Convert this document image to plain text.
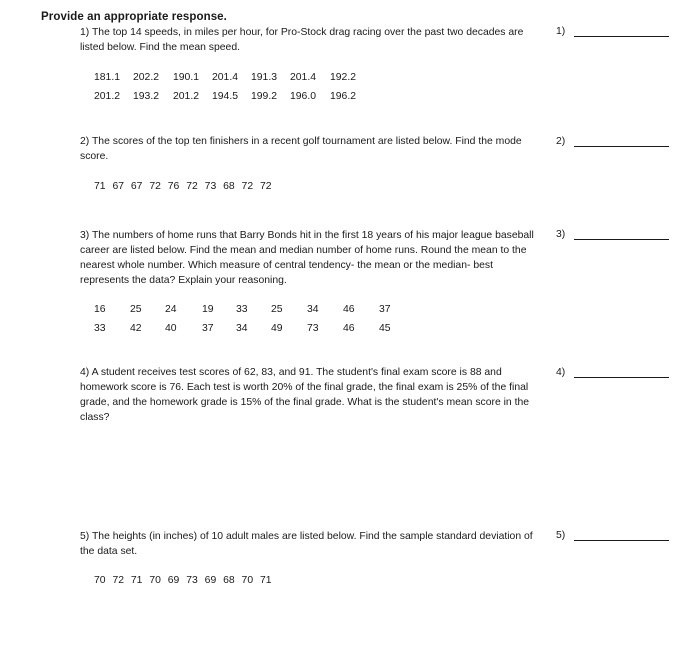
Provide an appropriate response.
1) The top 14 speeds, in miles per hour, for Pro-Stock drag racing over the past two decades are listed below. Find the mean speed.
1)
181.1	202.2	190.1	201.4	191.3	201.4	192.2
201.2	193.2	201.2	194.5	199.2	196.0	196.2
2) The scores of the top ten finishers in a recent golf tournament are listed below. Find the mode score.
2)
71 67 67 72 76 72 73 68 72 72
3) The numbers of home runs that Barry Bonds hit in the first 18 years of his major league baseball career are listed below. Find the mean and median number of home runs. Round the mean to the nearest whole number. Which measure of central tendency- the mean or the median- best represents the data? Explain your reasoning.
3)
16	25	24	19	33	25	34	46	37
33	42	40	37	34	49	73	46	45
4) A student receives test scores of 62, 83, and 91. The student's final exam score is 88 and homework score is 76. Each test is worth 20% of the final grade, the final exam is 25% of the final grade, and the homework grade is 15% of the final grade. What is the student's mean score in the class?
4)
5) The heights (in inches) of 10 adult males are listed below. Find the sample standard deviation of the data set.
5)
70 72 71 70 69 73 69 68 70 71
